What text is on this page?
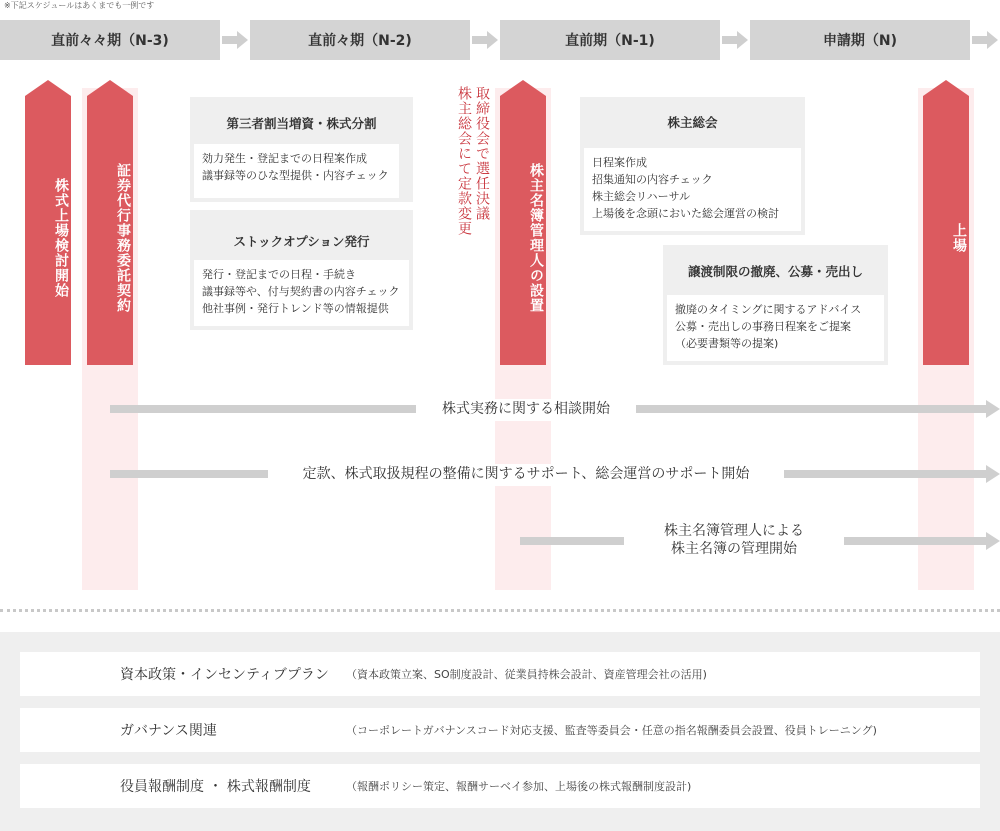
※下記スケジュールはあくまでも一例です
直前々々期（N-3)	直前々期（N-2)	直前期（N-1)	申請期（N)
株式上場検討開始	証券代行事務委託契約	株主名簿管理人の設置	上場
取締役会で選任決議
株主総会にて定款変更
第三者割当増資・株式分割
効力発生・登記までの日程案作成
議事録等のひな型提供・内容チェック
ストックオプション発行
発行・登記までの日程・手続き
議事録等や、付与契約書の内容チェック
他社事例・発行トレンド等の情報提供
株主総会
日程案作成
招集通知の内容チェック
株主総会リハーサル
上場後を念頭においた総会運営の検討
譲渡制限の撤廃、公募・売出し
撤廃のタイミングに関するアドバイス
公募・売出しの事務日程案をご提案
（必要書類等の提案)
株式実務に関する相談開始
定款、株式取扱規程の整備に関するサポート、総会運営のサポート開始
株主名簿管理人による
株主名簿の管理開始
資本政策・インセンティブプラン	（資本政策立案、SO制度設計、従業員持株会設計、資産管理会社の活用)
ガバナンス関連	（コーポレートガバナンスコード対応支援、監査等委員会・任意の指名報酬委員会設置、役員トレーニング)
役員報酬制度 ・ 株式報酬制度	（報酬ポリシー策定、報酬サーベイ参加、上場後の株式報酬制度設計)
